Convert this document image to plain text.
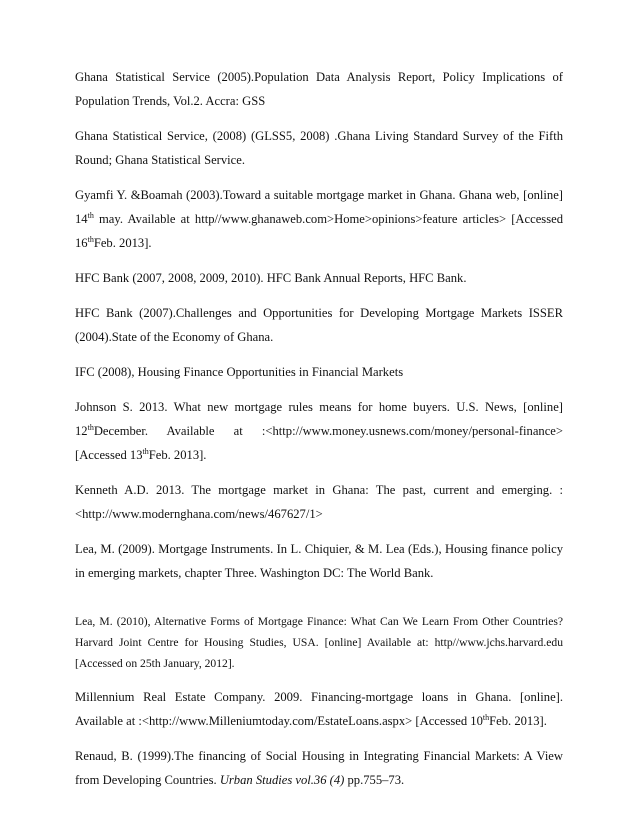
Ghana Statistical Service (2005).Population Data Analysis Report, Policy Implications of Population Trends, Vol.2. Accra: GSS

Ghana Statistical Service, (2008) (GLSS5, 2008) .Ghana Living Standard Survey of the Fifth Round; Ghana Statistical Service.

Gyamfi Y. &Boamah (2003).Toward a suitable mortgage market in Ghana. Ghana web, [online] 14th may. Available at http//www.ghanaweb.com>Home>opinions>feature articles> [Accessed 16thFeb. 2013].

HFC Bank (2007, 2008, 2009, 2010). HFC Bank Annual Reports, HFC Bank.

HFC Bank (2007).Challenges and Opportunities for Developing Mortgage Markets ISSER (2004).State of the Economy of Ghana.

IFC (2008), Housing Finance Opportunities in Financial Markets

Johnson S. 2013. What new mortgage rules means for home buyers. U.S. News, [online] 12thDecember. Available at :<http://www.money.usnews.com/money/personal-finance> [Accessed 13thFeb. 2013].

Kenneth A.D. 2013. The mortgage market in Ghana: The past, current and emerging. :<http://www.modernghana.com/news/467627/1>

Lea, M. (2009). Mortgage Instruments. In L. Chiquier, & M. Lea (Eds.), Housing finance policy in emerging markets, chapter Three. Washington DC: The World Bank.

Lea, M. (2010), Alternative Forms of Mortgage Finance: What Can We Learn From Other Countries? Harvard Joint Centre for Housing Studies, USA. [online] Available at: http//www.jchs.harvard.edu [Accessed on 25th January, 2012].

Millennium Real Estate Company. 2009. Financing-mortgage loans in Ghana. [online]. Available at :<http://www.Milleniumtoday.com/EstateLoans.aspx> [Accessed 10thFeb. 2013].

Renaud, B. (1999).The financing of Social Housing in Integrating Financial Markets: A View from Developing Countries. Urban Studies vol.36 (4) pp.755–73.
